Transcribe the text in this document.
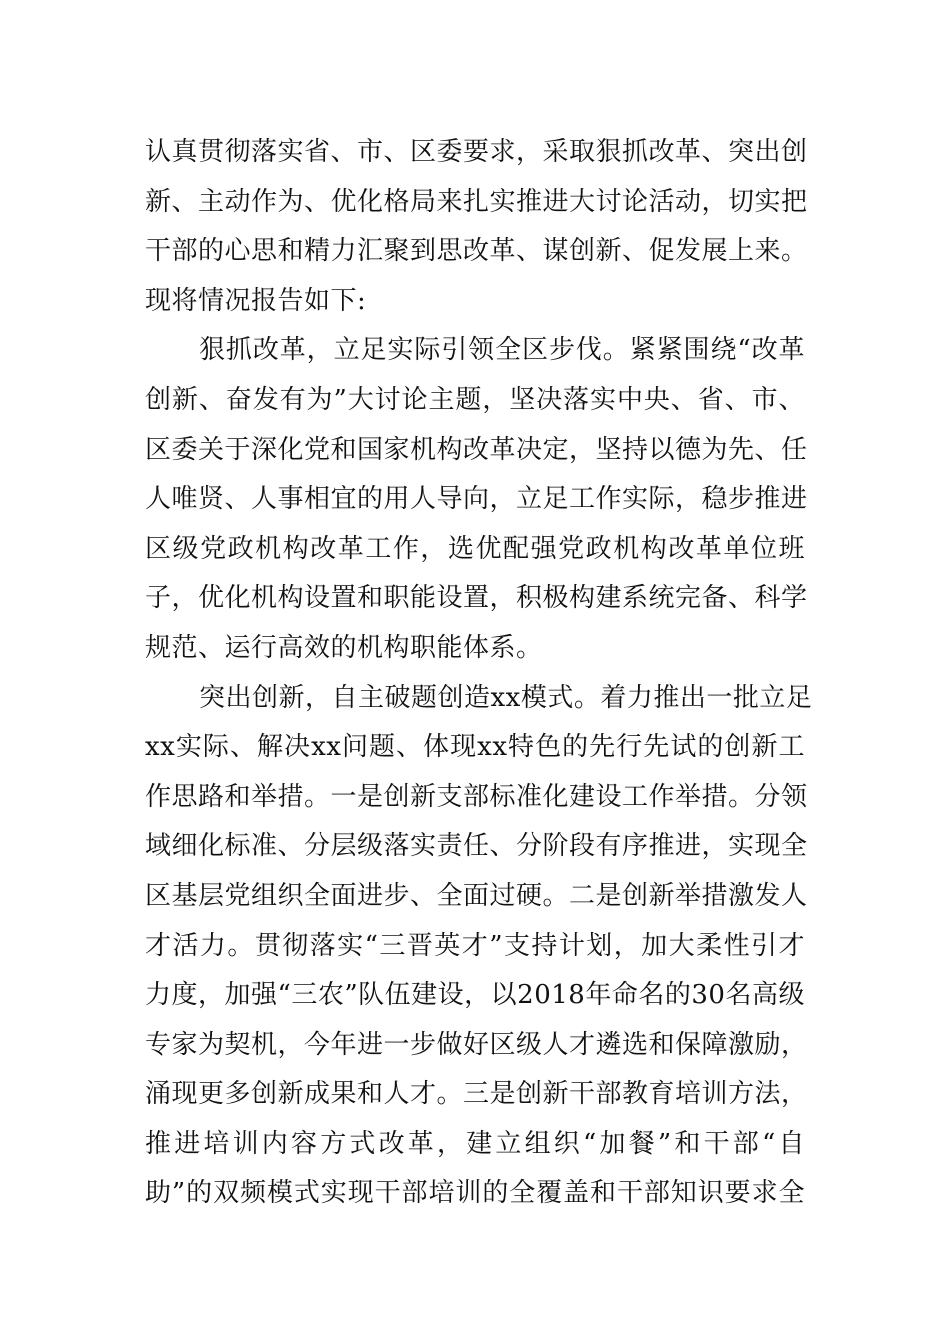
认真贯彻落实省、市、区委要求，采取狠抓改革、突出创
新、主动作为、优化格局来扎实推进大讨论活动，切实把
干部的心思和精力汇聚到思改革、谋创新、促发展上来。
现将情况报告如下:
狠抓改革，立足实际引领全区步伐。紧紧围绕“改革
创新、奋发有为”大讨论主题，坚决落实中央、省、市、
区委关于深化党和国家机构改革决定，坚持以德为先、任
人唯贤、人事相宜的用人导向，立足工作实际，稳步推进
区级党政机构改革工作，选优配强党政机构改革单位班
子，优化机构设置和职能设置，积极构建系统完备、科学
规范、运行高效的机构职能体系。
突出创新，自主破题创造xx模式。着力推出一批立足
xx实际、解决xx问题、体现xx特色的先行先试的创新工
作思路和举措。一是创新支部标准化建设工作举措。分领
域细化标准、分层级落实责任、分阶段有序推进，实现全
区基层党组织全面进步、全面过硬。二是创新举措激发人
才活力。贯彻落实“三晋英才”支持计划，加大柔性引才
力度，加强“三农”队伍建设，以2018年命名的30名高级
专家为契机，今年进一步做好区级人才遴选和保障激励，
涌现更多创新成果和人才。三是创新干部教育培训方法，
推进培训内容方式改革，建立组织“加餐”和干部“自
助”的双频模式实现干部培训的全覆盖和干部知识要求全
